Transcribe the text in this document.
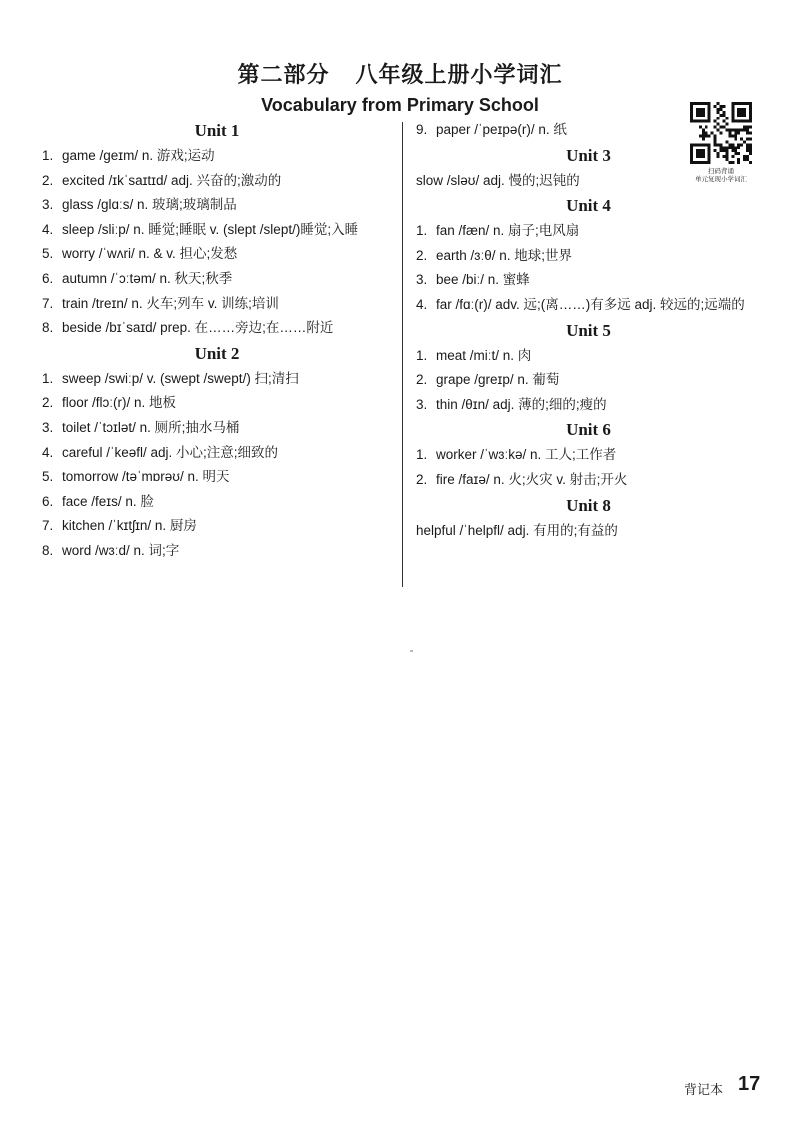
第二部分 八年级上册小学词汇
Vocabulary from Primary School
扫码背诵
单元复现小学词汇
Unit 1
1. game /ɡeɪm/ n. 游戏;运动
2. excited /ɪkˈsaɪtɪd/ adj. 兴奋的;激动的
3. glass /ɡlɑːs/ n. 玻璃;玻璃制品
4. sleep /sliːp/ n. 睡觉;睡眠 v. (slept /slept/)睡觉;入睡
5. worry /ˈwʌri/ n. & v. 担心;发愁
6. autumn /ˈɔːtəm/ n. 秋天;秋季
7. train /treɪn/ n. 火车;列车 v. 训练;培训
8. beside /bɪˈsaɪd/ prep. 在……旁边;在……附近
Unit 2
1. sweep /swiːp/ v. (swept /swept/) 扫;清扫
2. floor /flɔː(r)/ n. 地板
3. toilet /ˈtɔɪlət/ n. 厕所;抽水马桶
4. careful /ˈkeəfl/ adj. 小心;注意;细致的
5. tomorrow /təˈmɒrəʊ/ n. 明天
6. face /feɪs/ n. 脸
7. kitchen /ˈkɪtʃɪn/ n. 厨房
8. word /wɜːd/ n. 词;字
9. paper /ˈpeɪpə(r)/ n. 纸
Unit 3
slow /sləʊ/ adj. 慢的;迟钝的
Unit 4
1. fan /fæn/ n. 扇子;电风扇
2. earth /ɜːθ/ n. 地球;世界
3. bee /biː/ n. 蜜蜂
4. far /fɑː(r)/ adv. 远;(离……)有多远 adj. 较远的;远端的
Unit 5
1. meat /miːt/ n. 肉
2. grape /ɡreɪp/ n. 葡萄
3. thin /θɪn/ adj. 薄的;细的;瘦的
Unit 6
1. worker /ˈwɜːkə/ n. 工人;工作者
2. fire /faɪə/ n. 火;火灾 v. 射击;开火
Unit 8
helpful /ˈhelpfl/ adj. 有用的;有益的
背记本 17
